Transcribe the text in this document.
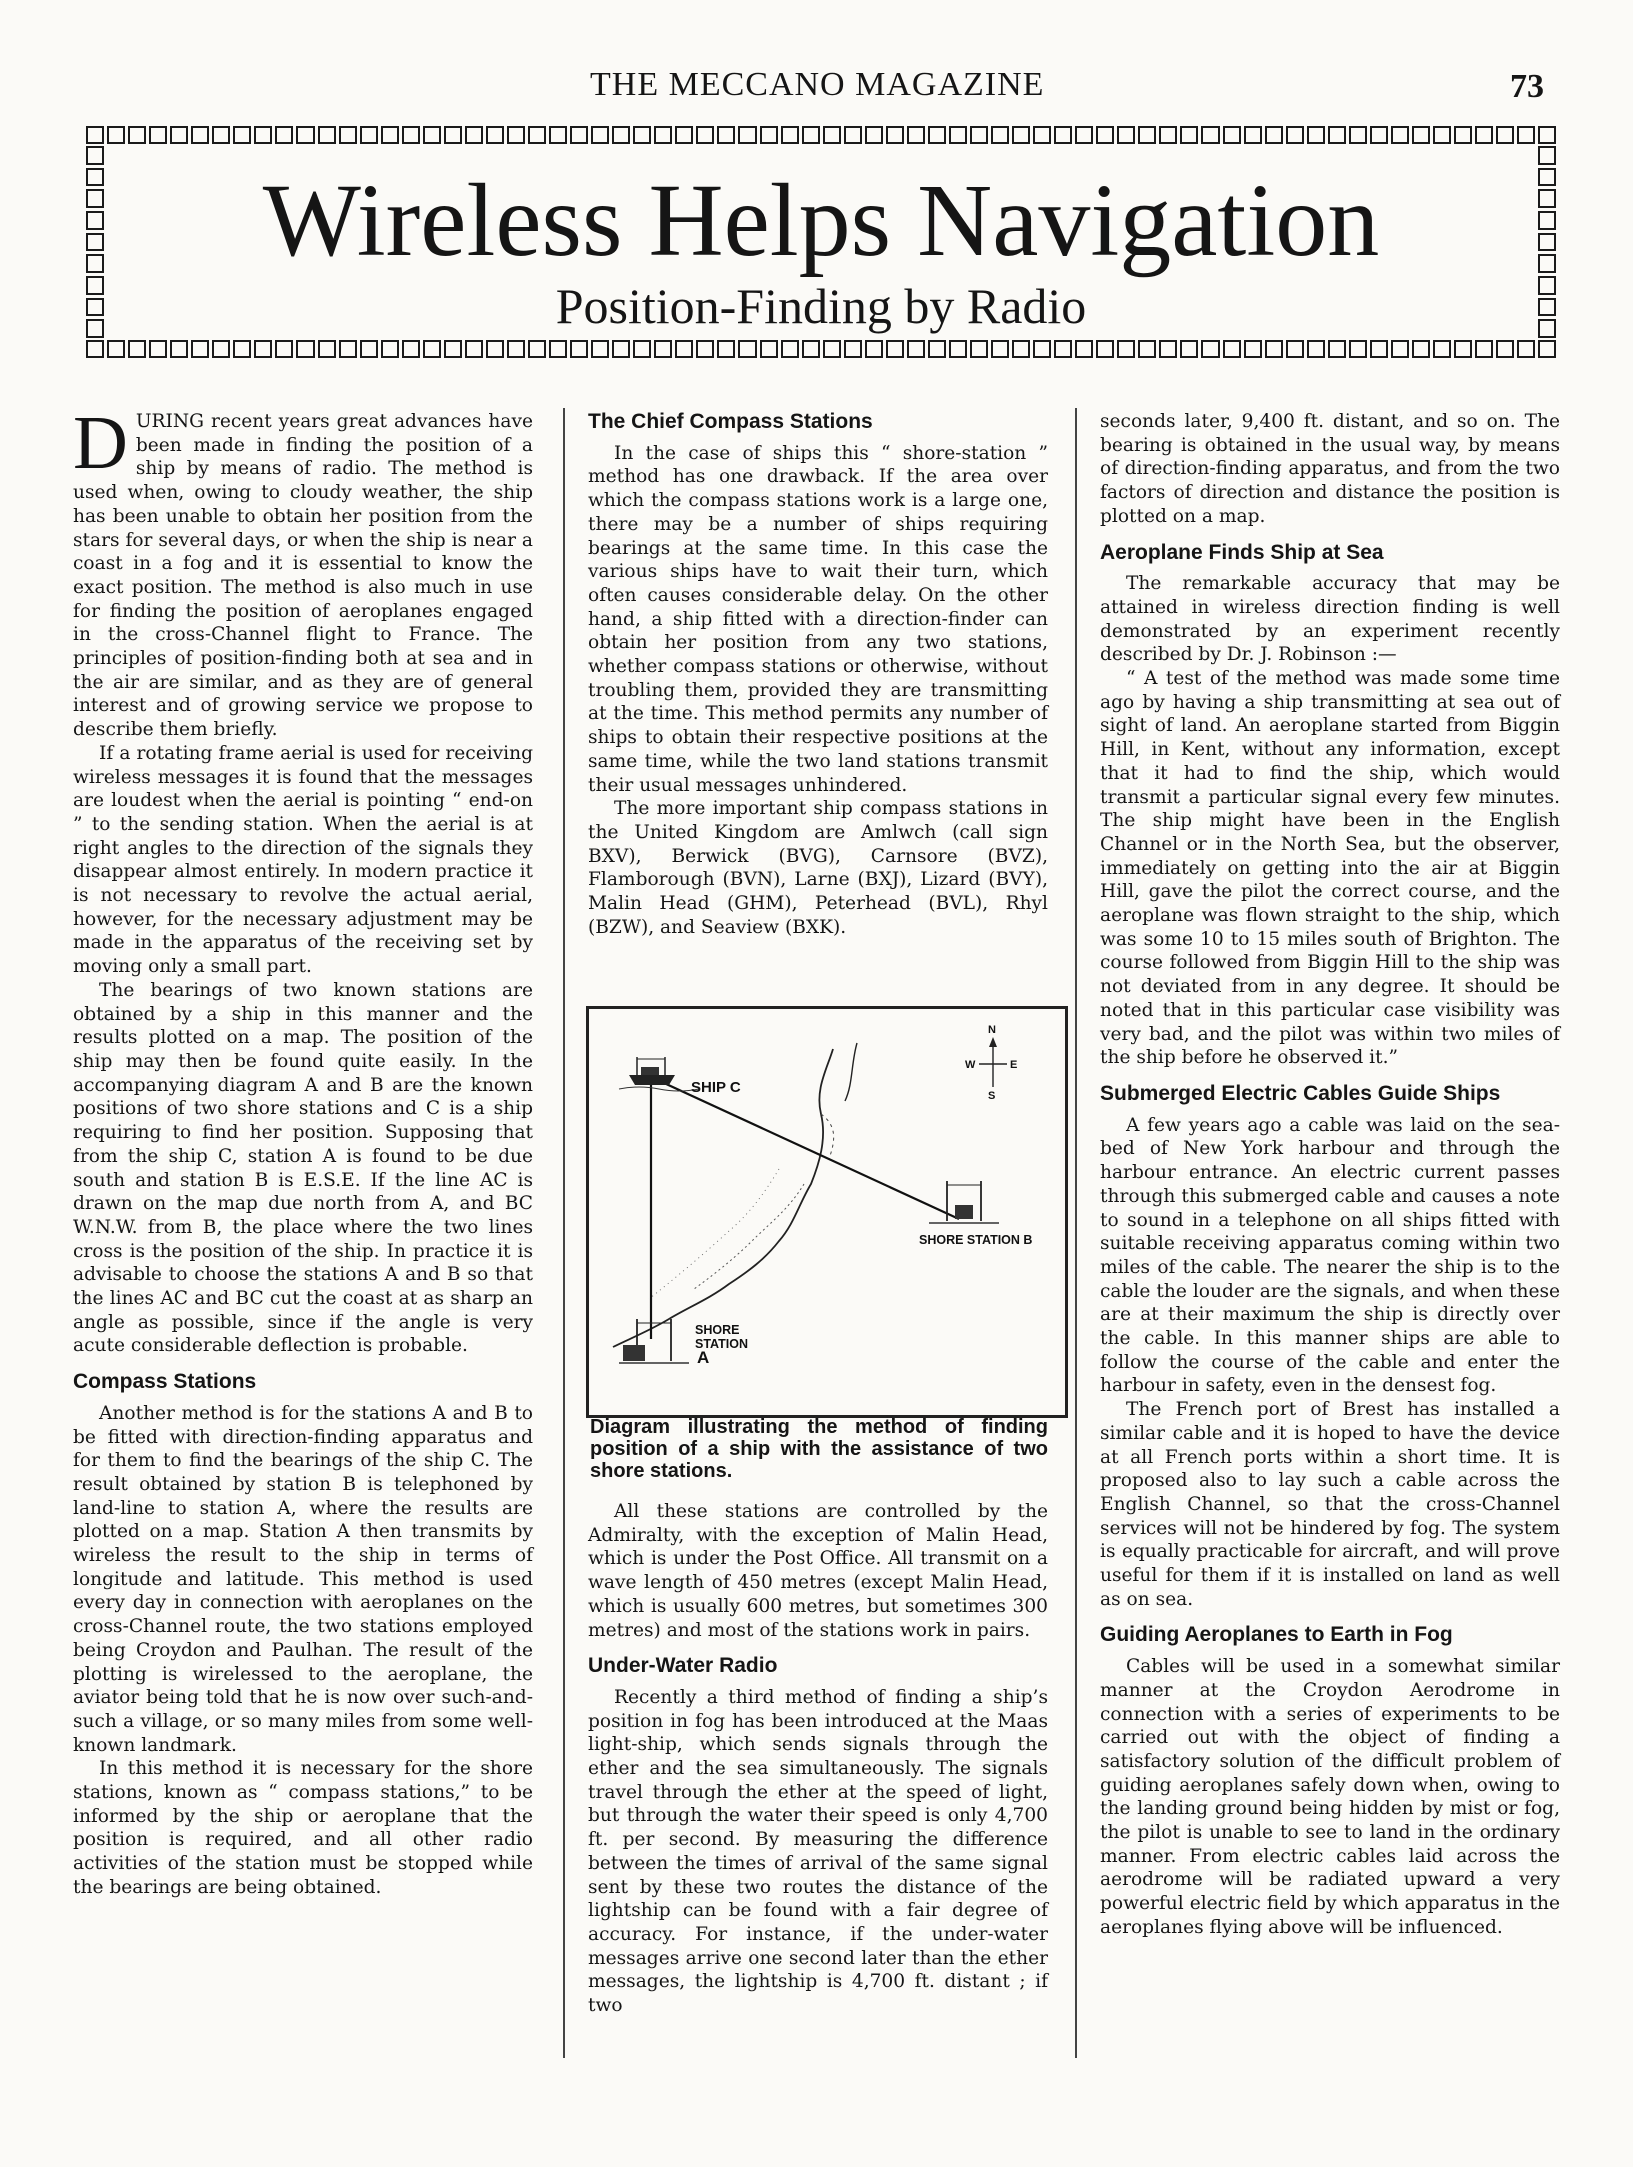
THE MECCANO MAGAZINE	73
Wireless Helps Navigation
Position-Finding by Radio

DURING recent years great advances have been made in finding the position of a ship by means of radio. The method is used when, owing to cloudy weather, the ship has been unable to obtain her position from the stars for several days, or when the ship is near a coast in a fog and it is essential to know the exact position. The method is also much in use for finding the position of aeroplanes engaged in the cross-Channel flight to France. The principles of position-finding both at sea and in the air are similar, and as they are of general interest and of growing service we propose to describe them briefly.

If a rotating frame aerial is used for receiving wireless messages it is found that the messages are loudest when the aerial is pointing “ end-on ” to the sending station. When the aerial is at right angles to the direction of the signals they disappear almost entirely. In modern practice it is not necessary to revolve the actual aerial, however, for the necessary adjustment may be made in the apparatus of the receiving set by moving only a small part.

The bearings of two known stations are obtained by a ship in this manner and the results plotted on a map. The position of the ship may then be found quite easily. In the accompanying diagram A and B are the known positions of two shore stations and C is a ship requiring to find her position. Supposing that from the ship C, station A is found to be due south and station B is E.S.E. If the line AC is drawn on the map due north from A, and BC W.N.W. from B, the place where the two lines cross is the position of the ship. In practice it is advisable to choose the stations A and B so that the lines AC and BC cut the coast at as sharp an angle as possible, since if the angle is very acute considerable deflection is probable.

Compass Stations

Another method is for the stations A and B to be fitted with direction-finding apparatus and for them to find the bearings of the ship C. The result obtained by station B is telephoned by land-line to station A, where the results are plotted on a map. Station A then transmits by wireless the result to the ship in terms of longitude and latitude. This method is used every day in connection with aeroplanes on the cross-Channel route, the two stations employed being Croydon and Paulhan. The result of the plotting is wirelessed to the aeroplane, the aviator being told that he is now over such-and-such a village, or so many miles from some well-known landmark.

In this method it is necessary for the shore stations, known as “ compass stations,” to be informed by the ship or aeroplane that the position is required, and all other radio activities of the station must be stopped while the bearings are being obtained.

The Chief Compass Stations

In the case of ships this “ shore-station ” method has one drawback. If the area over which the compass stations work is a large one, there may be a number of ships requiring bearings at the same time. In this case the various ships have to wait their turn, which often causes considerable delay. On the other hand, a ship fitted with a direction-finder can obtain her position from any two stations, whether compass stations or otherwise, without troubling them, provided they are transmitting at the time. This method permits any number of ships to obtain their respective positions at the same time, while the two land stations transmit their usual messages unhindered.

The more important ship compass stations in the United Kingdom are Amlwch (call sign BXV), Berwick (BVG), Carnsore (BVZ), Flamborough (BVN), Larne (BXJ), Lizard (BVY), Malin Head (GHM), Peterhead (BVL), Rhyl (BZW), and Seaview (BXK).

SHIP C
SHORE STATION B
SHORE
STATION
A
N
S
E
W
Diagram illustrating the method of finding position of a ship with the assistance of two shore stations.

All these stations are controlled by the Admiralty, with the exception of Malin Head, which is under the Post Office. All transmit on a wave length of 450 metres (except Malin Head, which is usually 600 metres, but sometimes 300 metres) and most of the stations work in pairs.

Under-Water Radio

Recently a third method of finding a ship’s position in fog has been introduced at the Maas light-ship, which sends signals through the ether and the sea simultaneously. The signals travel through the ether at the speed of light, but through the water their speed is only 4,700 ft. per second. By measuring the difference between the times of arrival of the same signal sent by these two routes the distance of the lightship can be found with a fair degree of accuracy. For instance, if the under-water messages arrive one second later than the ether messages, the lightship is 4,700 ft. distant ; if two

seconds later, 9,400 ft. distant, and so on. The bearing is obtained in the usual way, by means of direction-finding apparatus, and from the two factors of direction and distance the position is plotted on a map.

Aeroplane Finds Ship at Sea

The remarkable accuracy that may be attained in wireless direction finding is well demonstrated by an experiment recently described by Dr. J. Robinson :—

“ A test of the method was made some time ago by having a ship transmitting at sea out of sight of land. An aeroplane started from Biggin Hill, in Kent, without any information, except that it had to find the ship, which would transmit a particular signal every few minutes. The ship might have been in the English Channel or in the North Sea, but the observer, immediately on getting into the air at Biggin Hill, gave the pilot the correct course, and the aeroplane was flown straight to the ship, which was some 10 to 15 miles south of Brighton. The course followed from Biggin Hill to the ship was not deviated from in any degree. It should be noted that in this particular case visibility was very bad, and the pilot was within two miles of the ship before he observed it.”

Submerged Electric Cables Guide Ships

A few years ago a cable was laid on the sea-bed of New York harbour and through the harbour entrance. An electric current passes through this submerged cable and causes a note to sound in a telephone on all ships fitted with suitable receiving apparatus coming within two miles of the cable. The nearer the ship is to the cable the louder are the signals, and when these are at their maximum the ship is directly over the cable. In this manner ships are able to follow the course of the cable and enter the harbour in safety, even in the densest fog.

The French port of Brest has installed a similar cable and it is hoped to have the device at all French ports within a short time. It is proposed also to lay such a cable across the English Channel, so that the cross-Channel services will not be hindered by fog. The system is equally practicable for aircraft, and will prove useful for them if it is installed on land as well as on sea.

Guiding Aeroplanes to Earth in Fog

Cables will be used in a somewhat similar manner at the Croydon Aerodrome in connection with a series of experiments to be carried out with the object of finding a satisfactory solution of the difficult problem of guiding aeroplanes safely down when, owing to the landing ground being hidden by mist or fog, the pilot is unable to see to land in the ordinary manner. From electric cables laid across the aerodrome will be radiated upward a very powerful electric field by which apparatus in the aeroplanes flying above will be influenced.
